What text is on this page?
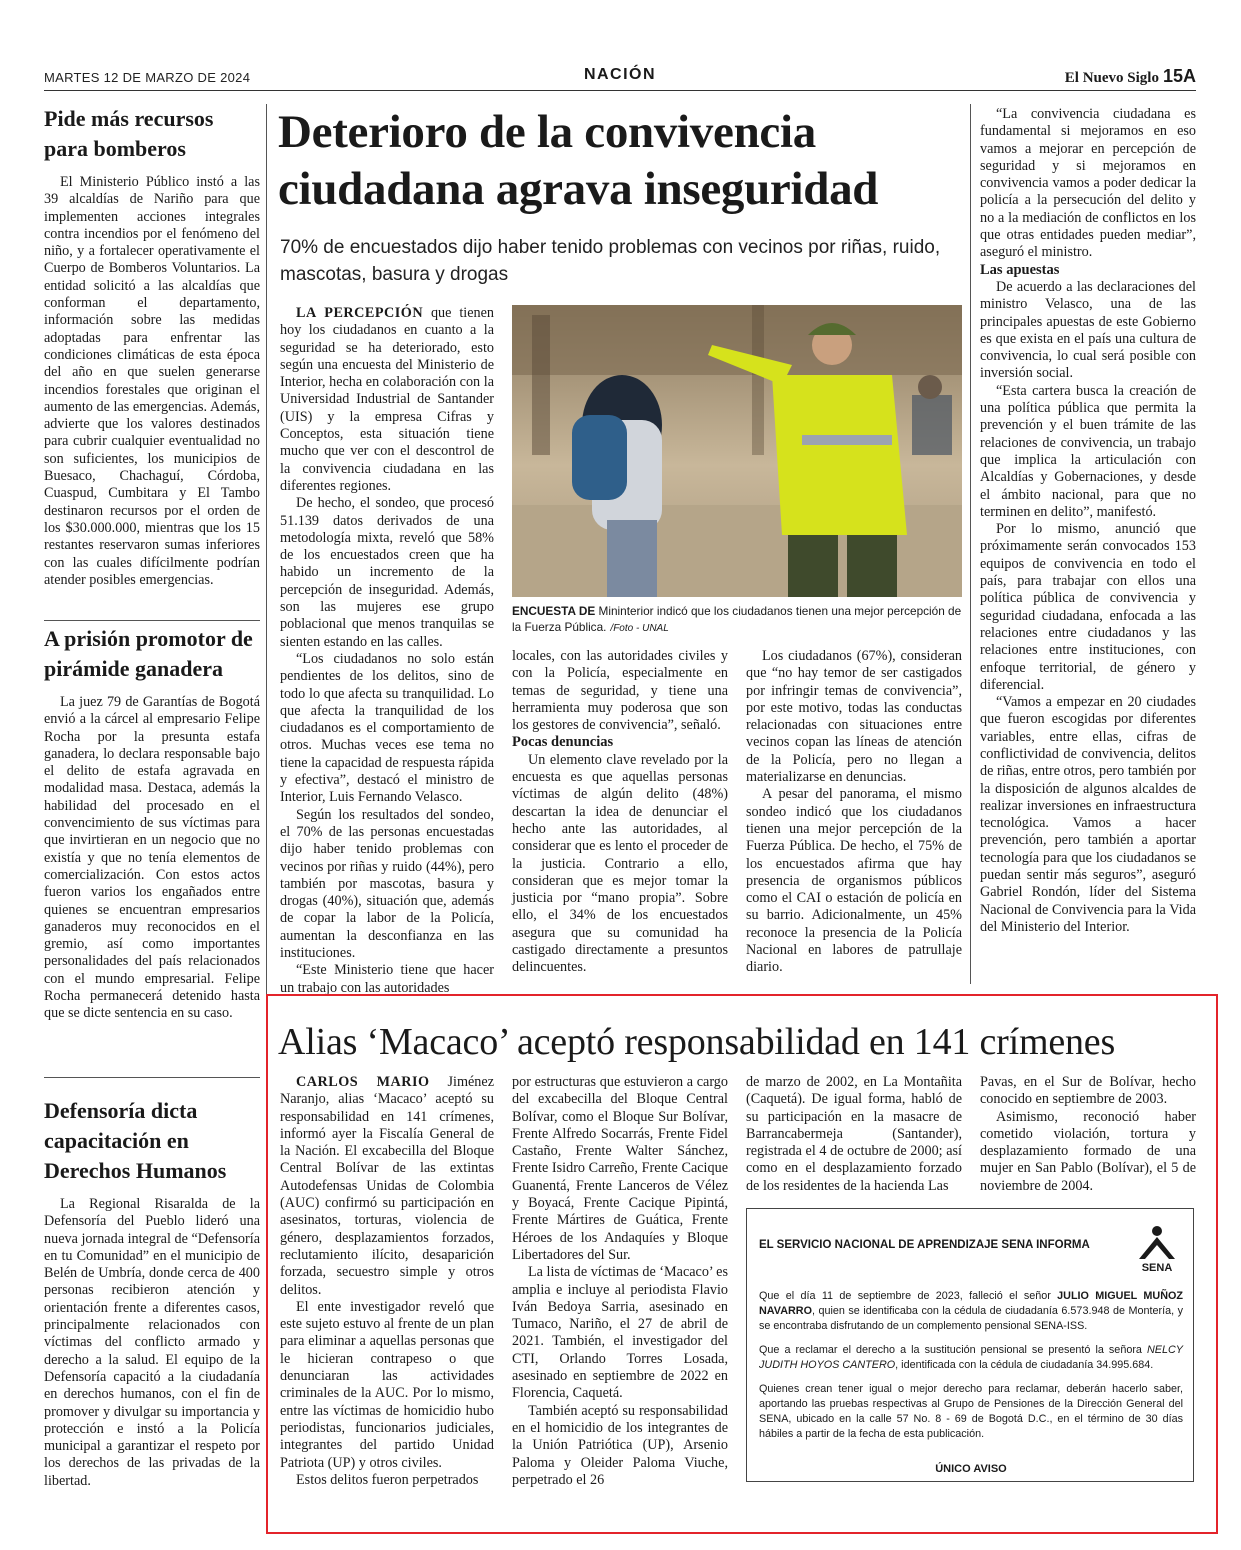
MARTES 12 DE MARZO DE 2024	NACIÓN	El Nuevo Siglo 15A
Pide más recursos para bomberos

El Ministerio Público instó a las 39 alcaldías de Nariño para que implementen acciones integrales contra incendios por el fenómeno del niño, y a fortalecer operativamente el Cuerpo de Bomberos Voluntarios. La entidad solicitó a las alcaldías que conforman el departamento, información sobre las medidas adoptadas para enfrentar las condiciones climáticas de esta época del año en que suelen generarse incendios forestales que originan el aumento de las emergencias. Además, advierte que los valores destinados para cubrir cualquier eventualidad no son suficientes, los municipios de Buesaco, Chachaguí, Córdoba, Cuaspud, Cumbitara y El Tambo destinaron recursos por el orden de los $30.000.000, mientras que los 15 restantes reservaron sumas inferiores con las cuales difícilmente podrían atender posibles emergencias.

A prisión promotor de pirámide ganadera

La juez 79 de Garantías de Bogotá envió a la cárcel al empresario Felipe Rocha por la presunta estafa ganadera, lo declara responsable bajo el delito de estafa agravada en modalidad masa. Destaca, además la habilidad del procesado en el convencimiento de sus víctimas para que invirtieran en un negocio que no existía y que no tenía elementos de comercialización. Con estos actos fueron varios los engañados entre quienes se encuentran empresarios ganaderos muy reconocidos en el gremio, así como importantes personalidades del país relacionados con el mundo empresarial. Felipe Rocha permanecerá detenido hasta que se dicte sentencia en su caso.

Defensoría dicta capacitación en Derechos Humanos

La Regional Risaralda de la Defensoría del Pueblo lideró una nueva jornada integral de “Defensoría en tu Comunidad” en el municipio de Belén de Umbría, donde cerca de 400 personas recibieron atención y orientación frente a diferentes casos, principalmente relacionados con víctimas del conflicto armado y derecho a la salud. El equipo de la Defensoría capacitó a la ciudadanía en derechos humanos, con el fin de promover y divulgar su importancia y protección e instó a la Policía municipal a garantizar el respeto por los derechos de las privadas de la libertad.

Deterioro de la convivencia ciudadana agrava inseguridad
70% de encuestados dijo haber tenido problemas con vecinos por riñas, ruido, mascotas, basura y drogas
ENCUESTA DE Mininterior indicó que los ciudadanos tienen una mejor percepción de la Fuerza Pública. /Foto - UNAL

LA PERCEPCIÓN que tienen hoy los ciudadanos en cuanto a la seguridad se ha deteriorado, esto según una encuesta del Ministerio de Interior, hecha en colaboración con la Universidad Industrial de Santander (UIS) y la empresa Cifras y Conceptos, esta situación tiene mucho que ver con el descontrol de la convivencia ciudadana en las diferentes regiones.

De hecho, el sondeo, que procesó 51.139 datos derivados de una metodología mixta, reveló que 58% de los encuestados creen que ha habido un incremento de la percepción de inseguridad. Además, son las mujeres ese grupo poblacional que menos tranquilas se sienten estando en las calles.

“Los ciudadanos no solo están pendientes de los delitos, sino de todo lo que afecta su tranquilidad. Lo que afecta la tranquilidad de los ciudadanos es el comportamiento de otros. Muchas veces ese tema no tiene la capacidad de respuesta rápida y efectiva”, destacó el ministro de Interior, Luis Fernando Velasco.

Según los resultados del sondeo, el 70% de las personas encuestadas dijo haber tenido problemas con vecinos por riñas y ruido (44%), pero también por mascotas, basura y drogas (40%), situación que, además de copar la labor de la Policía, aumentan la desconfianza en las instituciones.

“Este Ministerio tiene que hacer un trabajo con las autoridades

locales, con las autoridades civiles y con la Policía, especialmente en temas de seguridad, y tiene una herramienta muy poderosa que son los gestores de convivencia”, señaló.

Pocas denuncias

Un elemento clave revelado por la encuesta es que aquellas personas víctimas de algún delito (48%) descartan la idea de denunciar el hecho ante las autoridades, al considerar que es lento el proceder de la justicia. Contrario a ello, consideran que es mejor tomar la justicia por “mano propia”. Sobre ello, el 34% de los encuestados asegura que su comunidad ha castigado directamente a presuntos delincuentes.

Los ciudadanos (67%), consideran que “no hay temor de ser castigados por infringir temas de convivencia”, por este motivo, todas las conductas relacionadas con situaciones entre vecinos copan las líneas de atención de la Policía, pero no llegan a materializarse en denuncias.

A pesar del panorama, el mismo sondeo indicó que los ciudadanos tienen una mejor percepción de la Fuerza Pública. De hecho, el 75% de los encuestados afirma que hay presencia de organismos públicos como el CAI o estación de policía en su barrio. Adicionalmente, un 45% reconoce la presencia de la Policía Nacional en labores de patrullaje diario.

“La convivencia ciudadana es fundamental si mejoramos en eso vamos a mejorar en percepción de seguridad y si mejoramos en convivencia vamos a poder dedicar la policía a la persecución del delito y no a la mediación de conflictos en los que otras entidades pueden mediar”, aseguró el ministro.

Las apuestas

De acuerdo a las declaraciones del ministro Velasco, una de las principales apuestas de este Gobierno es que exista en el país una cultura de convivencia, lo cual será posible con inversión social.

“Esta cartera busca la creación de una política pública que permita la prevención y el buen trámite de las relaciones de convivencia, un trabajo que implica la articulación con Alcaldías y Gobernaciones, y desde el ámbito nacional, para que no terminen en delito”, manifestó.

Por lo mismo, anunció que próximamente serán convocados 153 equipos de convivencia en todo el país, para trabajar con ellos una política pública de convivencia y seguridad ciudadana, enfocada a las relaciones entre ciudadanos y las relaciones entre instituciones, con enfoque territorial, de género y diferencial.

“Vamos a empezar en 20 ciudades que fueron escogidas por diferentes variables, entre ellas, cifras de conflictividad de convivencia, delitos de riñas, entre otros, pero también por la disposición de algunos alcaldes de realizar inversiones en infraestructura tecnológica. Vamos a hacer prevención, pero también a aportar tecnología para que los ciudadanos se puedan sentir más seguros”, aseguró Gabriel Rondón, líder del Sistema Nacional de Convivencia para la Vida del Ministerio del Interior.

Alias ‘Macaco’ aceptó responsabilidad en 141 crímenes

CARLOS MARIO Jiménez Naranjo, alias ‘Macaco’ aceptó su responsabilidad en 141 crímenes, informó ayer la Fiscalía General de la Nación. El excabecilla del Bloque Central Bolívar de las extintas Autodefensas Unidas de Colombia (AUC) confirmó su participación en asesinatos, torturas, violencia de género, desplazamientos forzados, reclutamiento ilícito, desaparición forzada, secuestro simple y otros delitos.

El ente investigador reveló que este sujeto estuvo al frente de un plan para eliminar a aquellas personas que le hicieran contrapeso o que denunciaran las actividades criminales de la AUC. Por lo mismo, entre las víctimas de homicidio hubo periodistas, funcionarios judiciales, integrantes del partido Unidad Patriota (UP) y otros civiles.

Estos delitos fueron perpetrados

por estructuras que estuvieron a cargo del excabecilla del Bloque Central Bolívar, como el Bloque Sur Bolívar, Frente Alfredo Socarrás, Frente Fidel Castaño, Frente Walter Sánchez, Frente Isidro Carreño, Frente Cacique Guanentá, Frente Lanceros de Vélez y Boyacá, Frente Cacique Pipintá, Frente Mártires de Guática, Frente Héroes de los Andaquíes y Bloque Libertadores del Sur.

La lista de víctimas de ‘Macaco’ es amplia e incluye al periodista Flavio Iván Bedoya Sarria, asesinado en Tumaco, Nariño, el 27 de abril de 2021. También, el investigador del CTI, Orlando Torres Losada, asesinado en septiembre de 2022 en Florencia, Caquetá.

También aceptó su responsabilidad en el homicidio de los integrantes de la Unión Patriótica (UP), Arsenio Paloma y Oleider Paloma Viuche, perpetrado el 26

de marzo de 2002, en La Montañita (Caquetá). De igual forma, habló de su participación en la masacre de Barrancabermeja (Santander), registrada el 4 de octubre de 2000; así como en el desplazamiento forzado de los residentes de la hacienda Las

Pavas, en el Sur de Bolívar, hecho conocido en septiembre de 2003.

Asimismo, reconoció haber cometido violación, tortura y desplazamiento formado de una mujer en San Pablo (Bolívar), el 5 de noviembre de 2004.

EL SERVICIO NACIONAL DE APRENDIZAJE SENA INFORMA
SENA

Que el día 11 de septiembre de 2023, falleció el señor JULIO MIGUEL MUÑOZ NAVARRO, quien se identificaba con la cédula de ciudadanía 6.573.948 de Montería, y se encontraba disfrutando de un complemento pensional SENA-ISS.

Que a reclamar el derecho a la sustitución pensional se presentó la señora NELCY JUDITH HOYOS CANTERO, identificada con la cédula de ciudadanía 34.995.684.

Quienes crean tener igual o mejor derecho para reclamar, deberán hacerlo saber, aportando las pruebas respectivas al Grupo de Pensiones de la Dirección General del SENA, ubicado en la calle 57 No. 8 - 69 de Bogotá D.C., en el término de 30 días hábiles a partir de la fecha de esta publicación.

ÚNICO AVISO
